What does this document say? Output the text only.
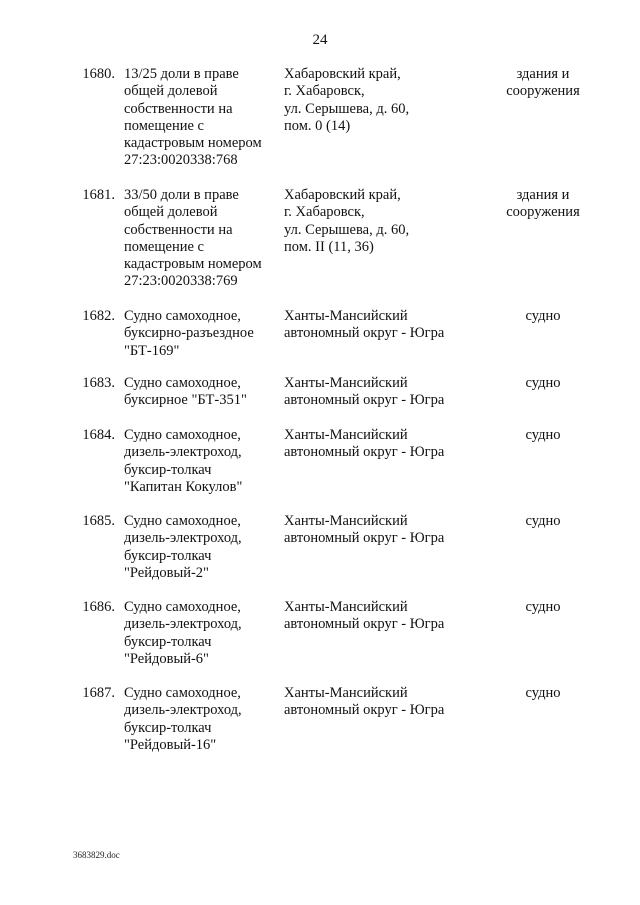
24
1680. 13/25 доли в праве
общей долевой
собственности на
помещение с
кадастровым номером
27:23:0020338:768
Хабаровский край,
г. Хабаровск,
ул. Серышева, д. 60,
пом. 0 (14)
здания и
сооружения
1681. 33/50 доли в праве
общей долевой
собственности на
помещение с
кадастровым номером
27:23:0020338:769
Хабаровский край,
г. Хабаровск,
ул. Серышева, д. 60,
пом. II (11, 36)
здания и
сооружения
1682. Судно самоходное,
буксирно-разъездное
"БТ-169"
Ханты-Мансийский
автономный округ - Югра
судно
1683. Судно самоходное,
буксирное "БТ-351"
Ханты-Мансийский
автономный округ - Югра
судно
1684. Судно самоходное,
дизель-электроход,
буксир-толкач
"Капитан Кокулов"
Ханты-Мансийский
автономный округ - Югра
судно
1685. Судно самоходное,
дизель-электроход,
буксир-толкач
"Рейдовый-2"
Ханты-Мансийский
автономный округ - Югра
судно
1686. Судно самоходное,
дизель-электроход,
буксир-толкач
"Рейдовый-6"
Ханты-Мансийский
автономный округ - Югра
судно
1687. Судно самоходное,
дизель-электроход,
буксир-толкач
"Рейдовый-16"
Ханты-Мансийский
автономный округ - Югра
судно
3683829.doc
